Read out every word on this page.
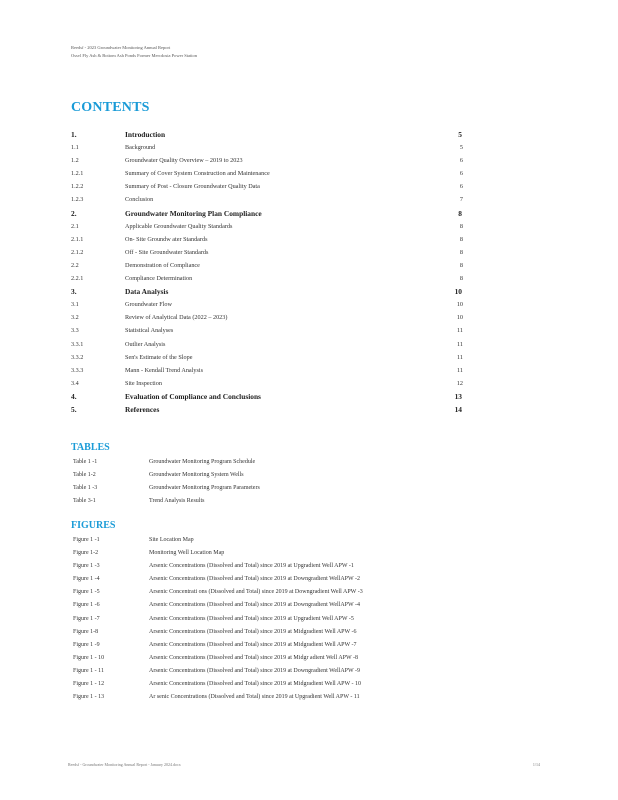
Reedsf - 2023 Groundwater Monitoring Annual Report
Ossvl Fly Ash & Bottom Ash Ponds Former Mercdosia Power Station
CONTENTS
1.	Introduction	5
1.1	Background	5
1.2	Groundwater Quality Overview – 2019 to 2023	6
1.2.1	Summary of Cover System Construction and Maintenance	6
1.2.2	Summary of Post - Closure Groundwater Quality Data	6
1.2.3	Conclusion	7
2.	Groundwater Monitoring Plan Compliance	8
2.1	Applicable Groundwater Quality Standards	8
2.1.1	On- Site Groundw ater Standards	8
2.1.2	Off - Site Groundwater Standards	8
2.2	Demonstration of Compliance	8
2.2.1	Compliance Determination	8
3.	Data Analysis	10
3.1	Groundwater Flow	10
3.2	Review of Analytical Data (2022 – 2023)	10
3.3	Statistical Analyses	11
3.3.1	Outlier Analysis	11
3.3.2	Sen's Estimate of the Slope	11
3.3.3	Mann - Kendall Trend Analysis	11
3.4	Site Inspection	12
4.	Evaluation of Compliance and Conclusions	13
5.	References	14
TABLES
Table 1 -1	Groundwater Monitoring Program Schedule
Table 1-2	Groundwater Monitoring System Wells
Table 1 -3	Groundwater Monitoring Program Parameters
Table 3-1	Trend Analysis Results
FIGURES
Figure 1 -1	Site Location Map
Figure 1-2	Monitoring Well Location Map
Figure 1 -3	Arsenic Concentrations (Dissolved and Total) since 2019 at Upgradient Well APW -1
Figure 1 -4	Arsenic Concentrations (Dissolved and Total) since 2019 at Downgradient WellAPW -2
Figure 1 -5	Arsenic Concentrati ons (Dissolved and Total) since 2019 at Downgradient Well APW -3
Figure 1 -6	Arsenic Concentrations (Dissolved and Total) since 2019 at Downgradient WellAPW -4
Figure 1 -7	Arsenic Concentrations (Dissolved and Total) since 2019 at Upgradient Well APW -5
Figure 1-8	Arsenic Concentrations (Dissolved and Total) since 2019 at Midgradient Well APW -6
Figure 1 -9	Arsenic Concentrations (Dissolved and Total) since 2019 at Midgradient Well APW -7
Figure 1 - 10	Arsenic Concentrations (Dissolved and Total) since 2019 at Midgr adient Well APW -8
Figure 1 - 11	Arsenic Concentrations (Dissolved and Total) since 2019 at Downgradient WellAPW -9
Figure 1 - 12	Arsenic Concentrations (Dissolved and Total) since 2019 at Midgradient Well APW - 10
Figure 1 - 13	Ar senic Concentrations (Dissolved and Total) since 2019 at Upgradient Well APW - 11
Reedsf - Groundwater Monitoring Annual Report - January 2024.docx	1/14
